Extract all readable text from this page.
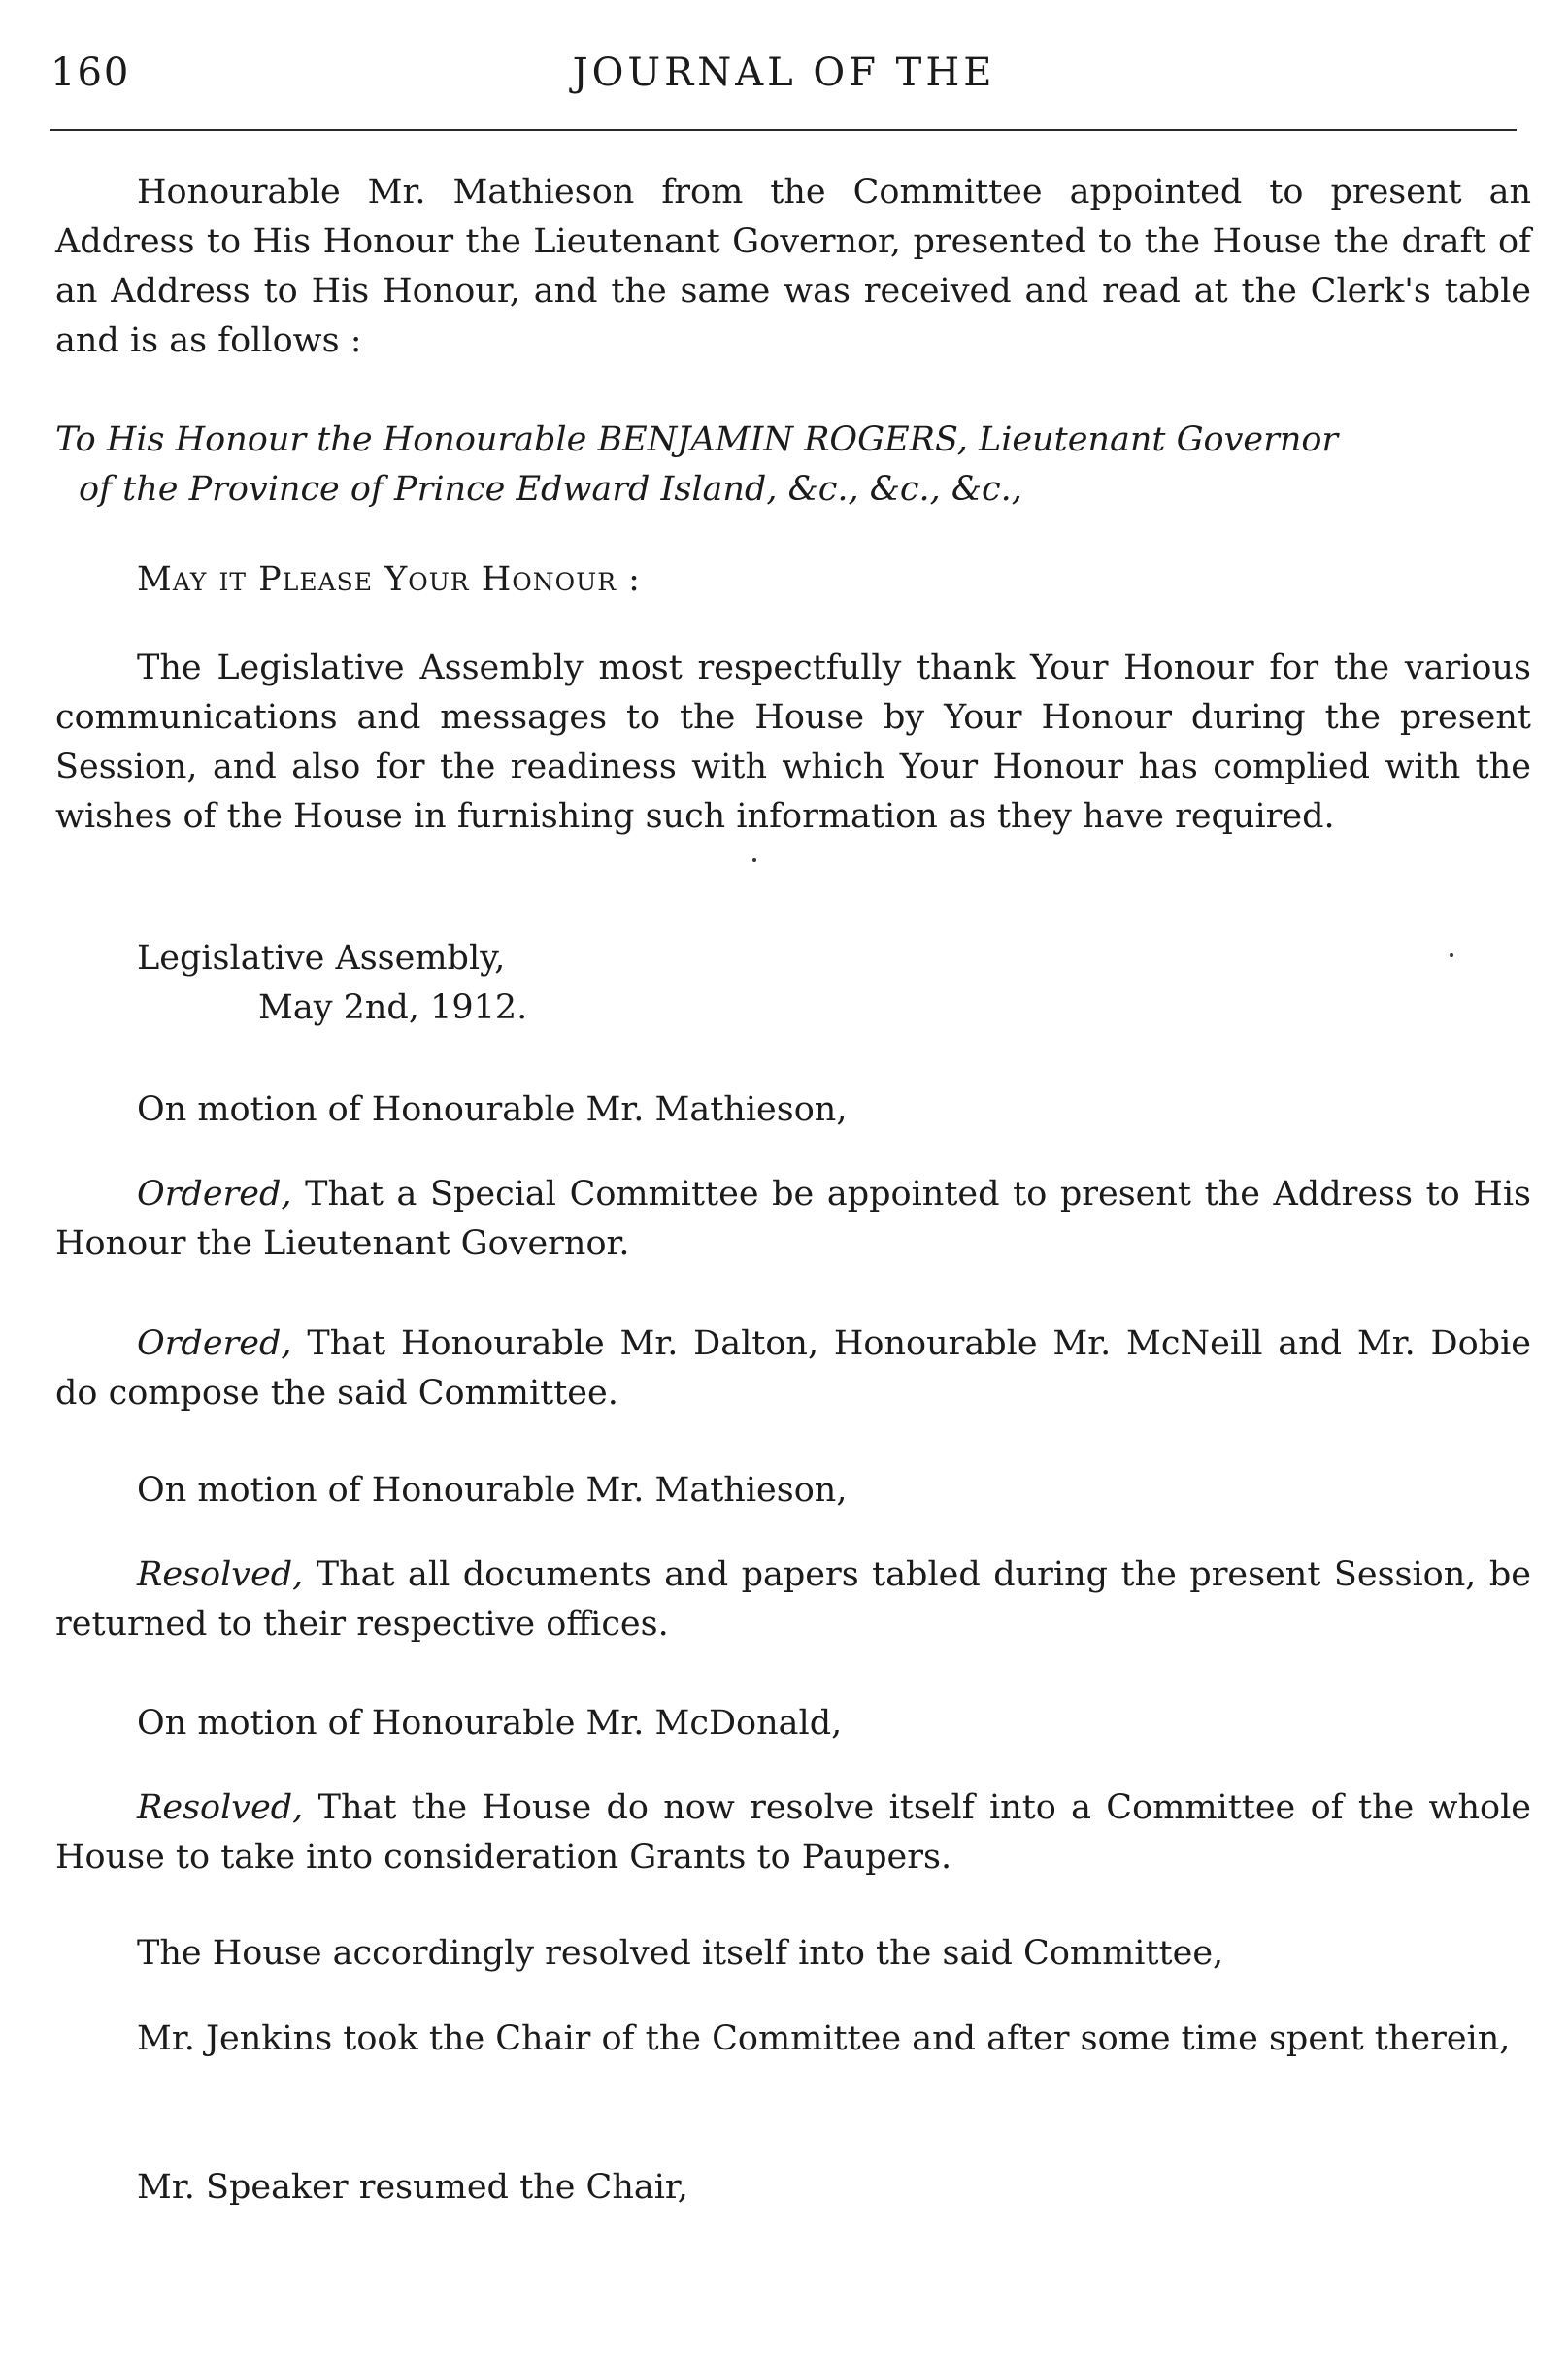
160	JOURNAL OF THE

Honourable Mr. Mathieson from the Committee appointed to present an Address to His Honour the Lieutenant Governor, presented to the House the draft of an Address to His Honour, and the same was received and read at the Clerk's table and is as follows :

To His Honour the Honourable BENJAMIN ROGERS, Lieutenant Governor
of the Province of Prince Edward Island, &c., &c., &c.,
May it Please Your Honour :

The Legislative Assembly most respectfully thank Your Honour for the various communications and messages to the House by Your Honour during the present Session, and also for the readiness with which Your Honour has complied with the wishes of the House in furnishing such information as they have required.

Legislative Assembly,
May 2nd, 1912.
On motion of Honourable Mr. Mathieson,

Ordered, That a Special Committee be appointed to present the Address to His Honour the Lieutenant Governor.

Ordered, That Honourable Mr. Dalton, Honourable Mr. McNeill and Mr. Dobie do compose the said Committee.

On motion of Honourable Mr. Mathieson,

Resolved, That all documents and papers tabled during the present Session, be returned to their respective offices.

On motion of Honourable Mr. McDonald,

Resolved, That the House do now resolve itself into a Committee of the whole House to take into consideration Grants to Paupers.

The House accordingly resolved itself into the said Committee,

Mr. Jenkins took the Chair of the Committee and after some time spent therein,

Mr. Speaker resumed the Chair,
